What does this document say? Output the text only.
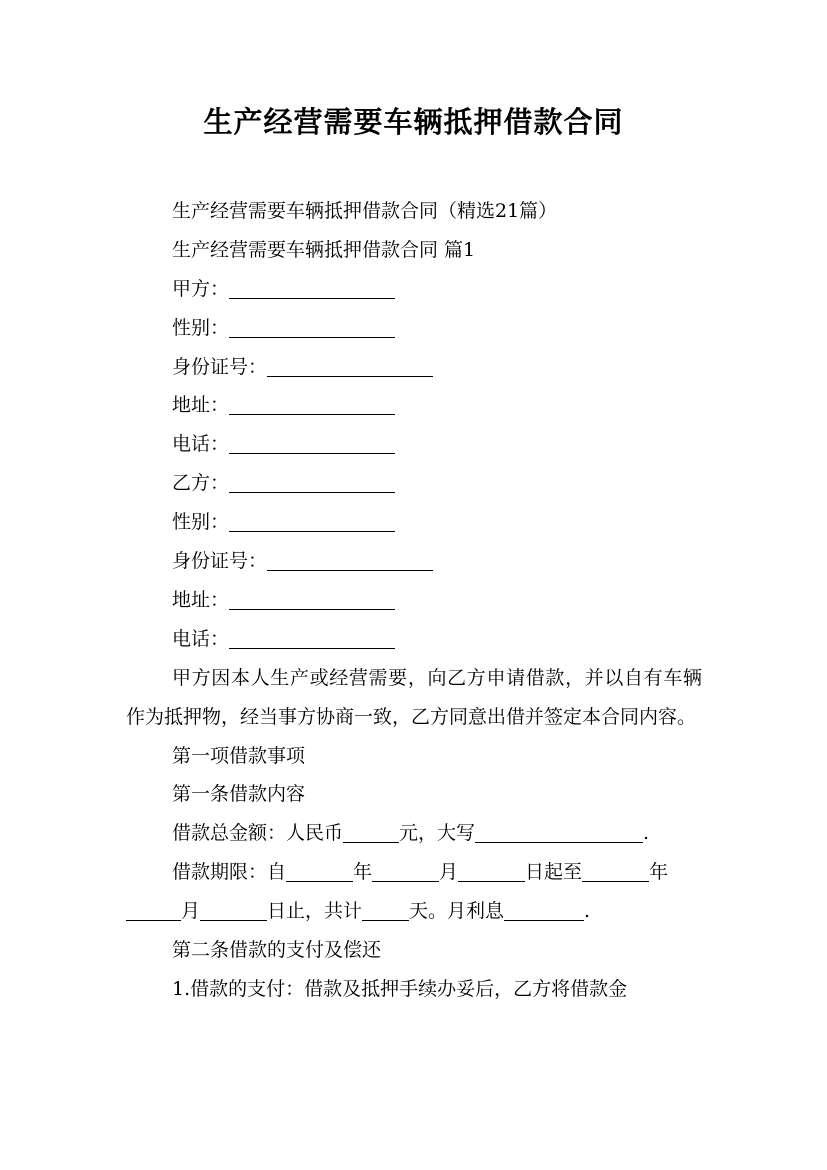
生产经营需要车辆抵押借款合同
生产经营需要车辆抵押借款合同（精选21篇）
生产经营需要车辆抵押借款合同 篇1
甲方：
性别：
身份证号：
地址：
电话：
乙方：
性别：
身份证号：
地址：
电话：
甲方因本人生产或经营需要，向乙方申请借款，并以自有车辆作为抵押物，经当事方协商一致，乙方同意出借并签定本合同内容。
第一项借款事项
第一条借款内容
借款总金额：人民币	元，大写	.
借款期限：自	年	月	日起至	年
月	日止，共计 天。月利息	.
第二条借款的支付及偿还
1.借款的支付：借款及抵押手续办妥后，乙方将借款金
